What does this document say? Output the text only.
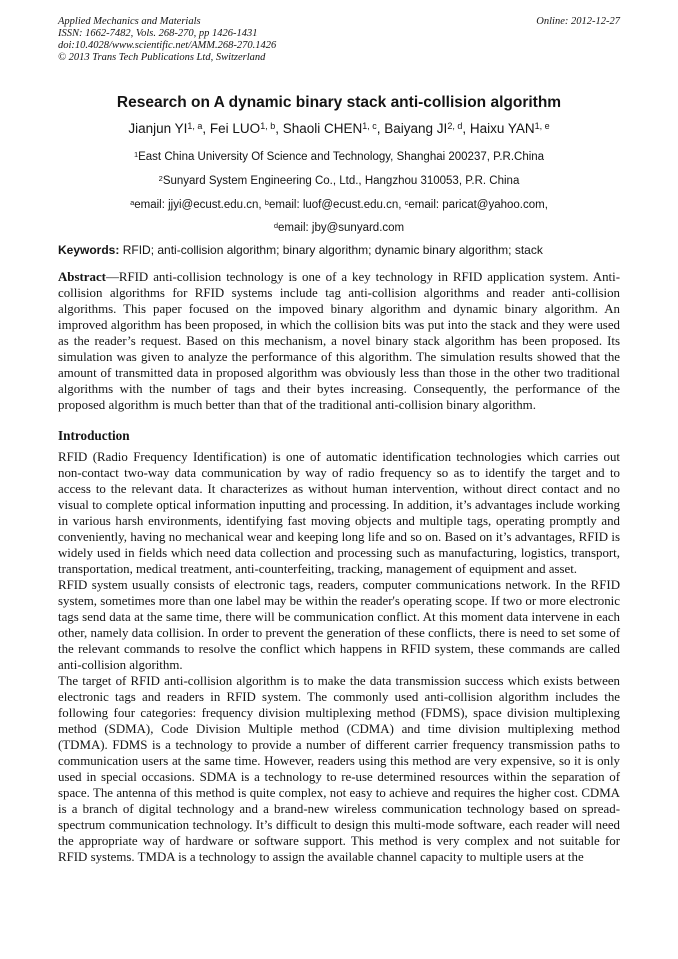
Applied Mechanics and Materials
ISSN: 1662-7482, Vols. 268-270, pp 1426-1431
doi:10.4028/www.scientific.net/AMM.268-270.1426
© 2013 Trans Tech Publications Ltd, Switzerland
Online: 2012-12-27
Research on A dynamic binary stack anti-collision algorithm
Jianjun YI$^{1, a}$, Fei LUO$^{1, b}$, Shaoli CHEN$^{1, c}$, Baiyang JI$^{2, d}$, Haixu YAN$^{1, e}$
$^1$East China University Of Science and Technology, Shanghai 200237, P.R.China
$^2$Sunyard System Engineering Co., Ltd., Hangzhou 310053, P.R. China
$^a$email: jjyi@ecust.edu.cn, $^b$email: luof@ecust.edu.cn, $^c$email: paricat@yahoo.com,
$^d$email: jby@sunyard.com
Keywords: RFID; anti-collision algorithm; binary algorithm; dynamic binary algorithm; stack

Abstract—RFID anti-collision technology is one of a key technology in RFID application system. Anti-collision algorithms for RFID systems include tag anti-collision algorithms and reader anti-collision algorithms. This paper focused on the impoved binary algorithm and dynamic binary algorithm. An improved algorithm has been proposed, in which the collision bits was put into the stack and they were used as the reader’s request. Based on this mechanism, a novel binary stack algorithm has been proposed. Its simulation was given to analyze the performance of this algorithm. The simulation results showed that the amount of transmitted data in proposed algorithm was obviously less than those in the other two traditional algorithms with the number of tags and their bytes increasing. Consequently, the performance of the proposed algorithm is much better than that of the traditional anti-collision binary algorithm.

Introduction

RFID (Radio Frequency Identification) is one of automatic identification technologies which carries out non-contact two-way data communication by way of radio frequency so as to identify the target and to access to the relevant data. It characterizes as without human intervention, without direct contact and no visual to complete optical information inputting and processing. In addition, it’s advantages include working in various harsh environments, identifying fast moving objects and multiple tags, operating promptly and conveniently, having no mechanical wear and keeping long life and so on. Based on it’s advantages, RFID is widely used in fields which need data collection and processing such as manufacturing, logistics, transport, transportation, medical treatment, anti-counterfeiting, tracking, management of equipment and asset.

RFID system usually consists of electronic tags, readers, computer communications network. In the RFID system, sometimes more than one label may be within the reader's operating scope. If two or more electronic tags send data at the same time, there will be communication conflict. At this moment data intervene in each other, namely data collision. In order to prevent the generation of these conflicts, there is need to set some of the relevant commands to resolve the conflict which happens in RFID system, these commands are called anti-collision algorithm.

The target of RFID anti-collision algorithm is to make the data transmission success which exists between electronic tags and readers in RFID system. The commonly used anti-collision algorithm includes the following four categories: frequency division multiplexing method (FDMS), space division multiplexing method (SDMA), Code Division Multiple method (CDMA) and time division multiplexing method (TDMA). FDMS is a technology to provide a number of different carrier frequency transmission paths to communication users at the same time. However, readers using this method are very expensive, so it is only used in special occasions. SDMA is a technology to re-use determined resources within the separation of space. The antenna of this method is quite complex, not easy to achieve and requires the higher cost. CDMA is a branch of digital technology and a brand-new wireless communication technology based on spread-spectrum communication technology. It’s difficult to design this multi-mode software, each reader will need the appropriate way of hardware or software support. This method is very complex and not suitable for RFID systems. TMDA is a technology to assign the available channel capacity to multiple users at the
